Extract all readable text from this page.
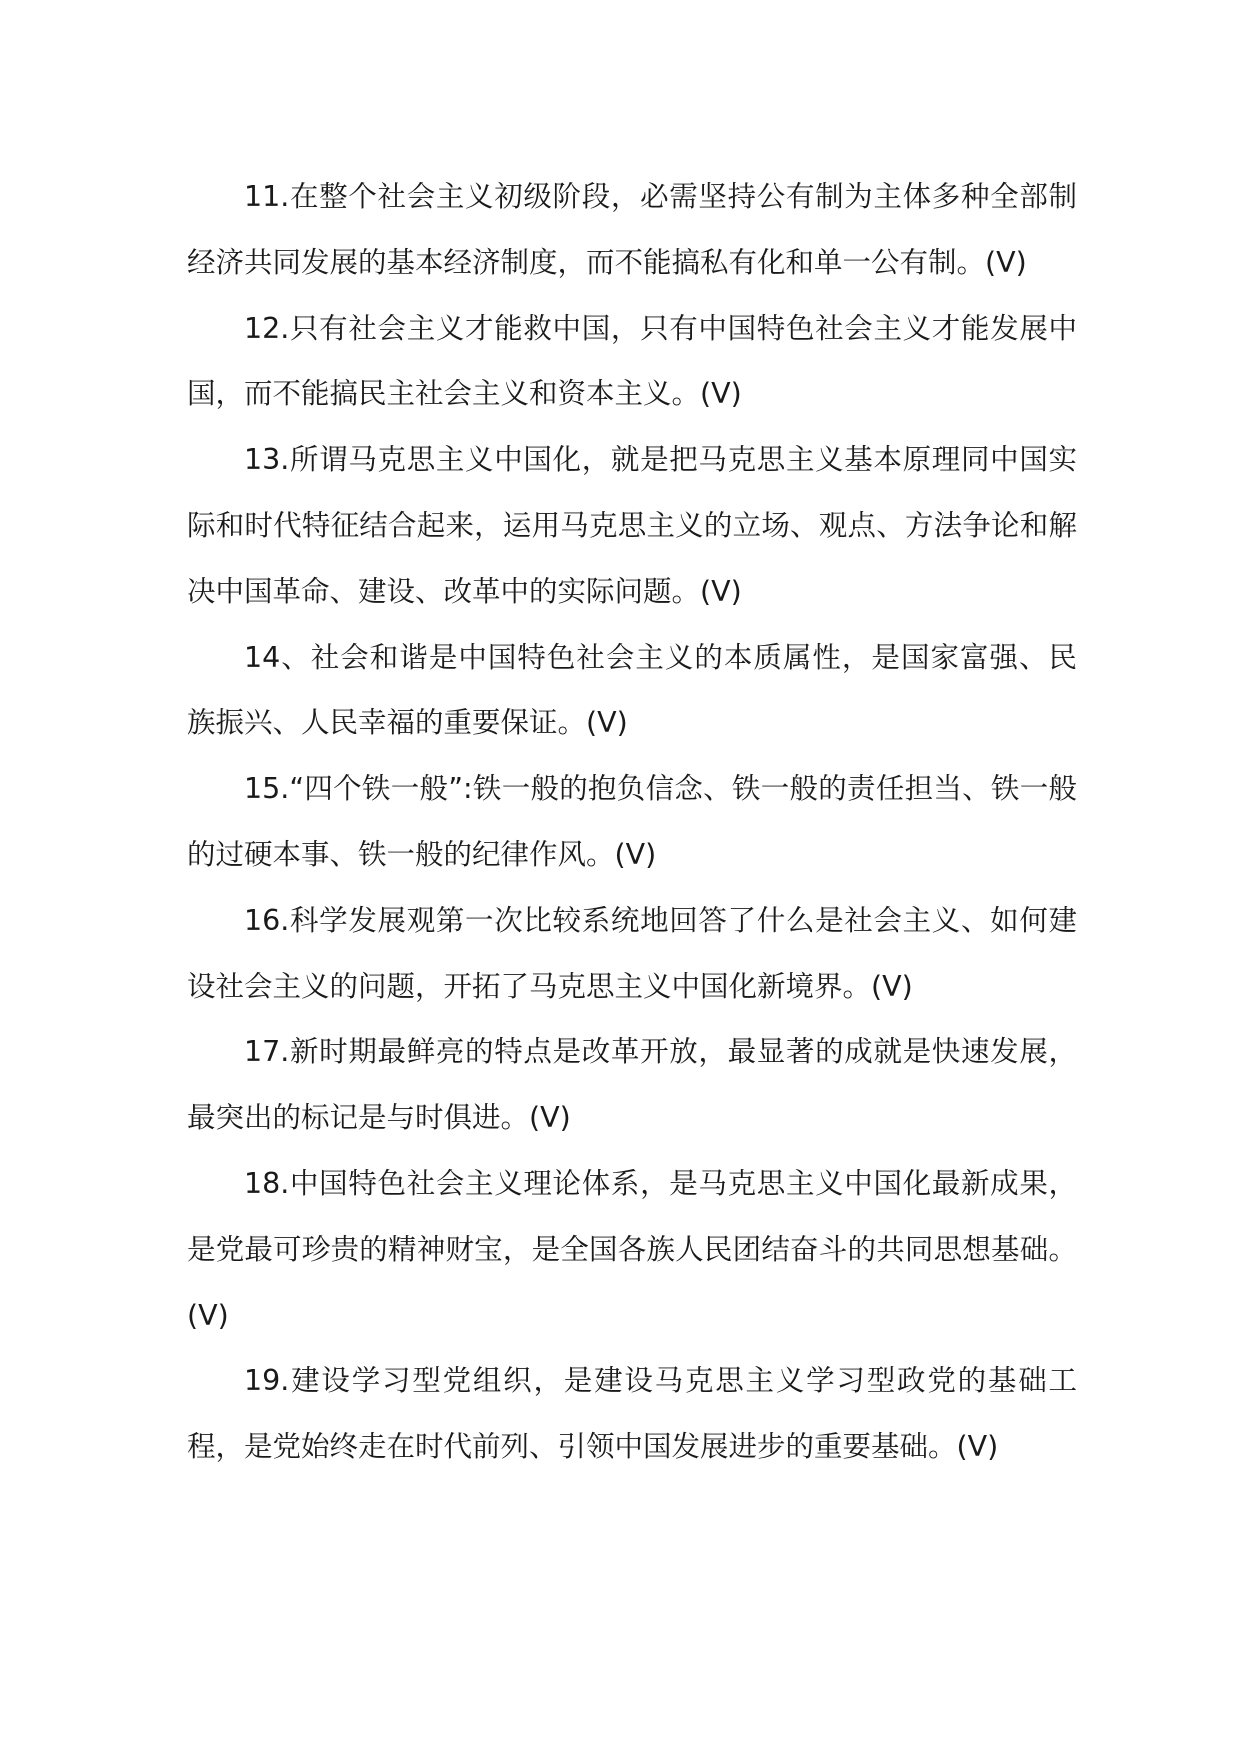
11.在整个社会主义初级阶段，必需坚持公有制为主体多种全部制经济共同发展的基本经济制度，而不能搞私有化和单一公有制。(V)

12.只有社会主义才能救中国，只有中国特色社会主义才能发展中国，而不能搞民主社会主义和资本主义。(V)

13.所谓马克思主义中国化，就是把马克思主义基本原理同中国实际和时代特征结合起来，运用马克思主义的立场、观点、方法争论和解决中国革命、建设、改革中的实际问题。(V)

14、社会和谐是中国特色社会主义的本质属性，是国家富强、民族振兴、人民幸福的重要保证。(V)

15.“四个铁一般”:铁一般的抱负信念、铁一般的责任担当、铁一般的过硬本事、铁一般的纪律作风。(V)

16.科学发展观第一次比较系统地回答了什么是社会主义、如何建设社会主义的问题，开拓了马克思主义中国化新境界。(V)

17.新时期最鲜亮的特点是改革开放，最显著的成就是快速发展，最突出的标记是与时俱进。(V)

18.中国特色社会主义理论体系，是马克思主义中国化最新成果，是党最可珍贵的精神财宝，是全国各族人民团结奋斗的共同思想基础。(V)

19.建设学习型党组织，是建设马克思主义学习型政党的基础工程，是党始终走在时代前列、引领中国发展进步的重要基础。(V)
